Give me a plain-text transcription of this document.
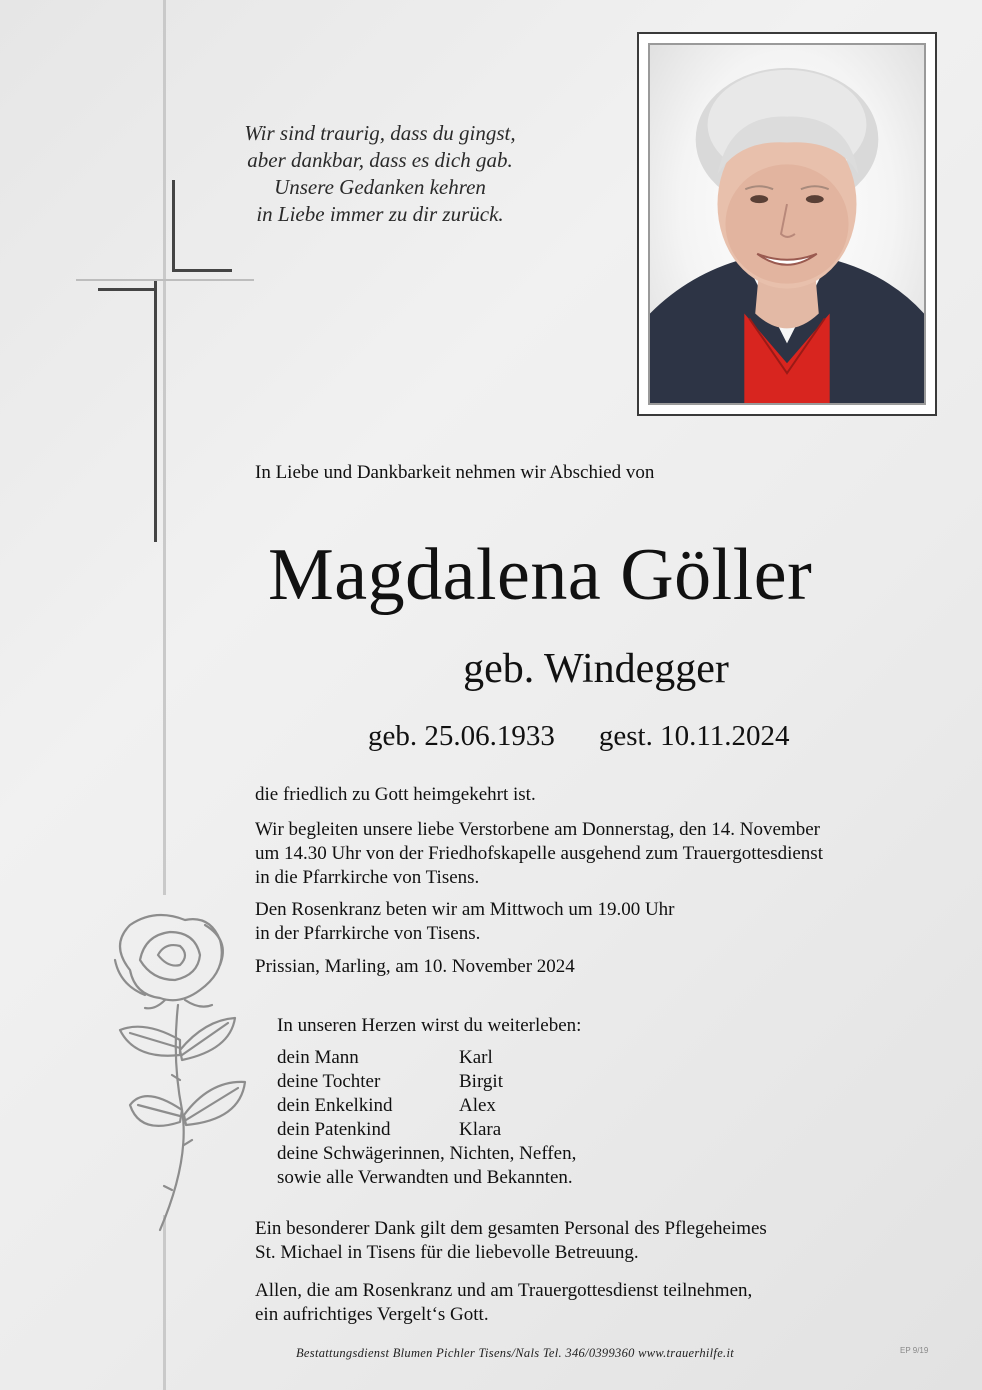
Wir sind traurig, dass du gingst,
aber dankbar, dass es dich gab.
Unsere Gedanken kehren
in Liebe immer zu dir zurück.
In Liebe und Dankbarkeit nehmen wir Abschied von
Magdalena Göller
geb. Windegger
geb. 25.06.1933 gest. 10.11.2024
die friedlich zu Gott heimgekehrt ist.
Wir begleiten unsere liebe Verstorbene am Donnerstag, den 14. November
um 14.30 Uhr von der Friedhofskapelle ausgehend zum Trauergottesdienst
in die Pfarrkirche von Tisens.
Den Rosenkranz beten wir am Mittwoch um 19.00 Uhr
in der Pfarrkirche von Tisens.
Prissian, Marling, am 10. November 2024
In unseren Herzen wirst du weiterleben:
dein Mann	Karl
deine Tochter	Birgit
dein Enkelkind	Alex
dein Patenkind	Klara
deine Schwägerinnen, Nichten, Neffen,
sowie alle Verwandten und Bekannten.
Ein besonderer Dank gilt dem gesamten Personal des Pflegeheimes
St. Michael in Tisens für die liebevolle Betreuung.
Allen, die am Rosenkranz und am Trauergottesdienst teilnehmen,
ein aufrichtiges Vergelt‘s Gott.
Bestattungsdienst Blumen Pichler Tisens/Nals Tel. 346/0399360 www.trauerhilfe.it	EP 9/19
